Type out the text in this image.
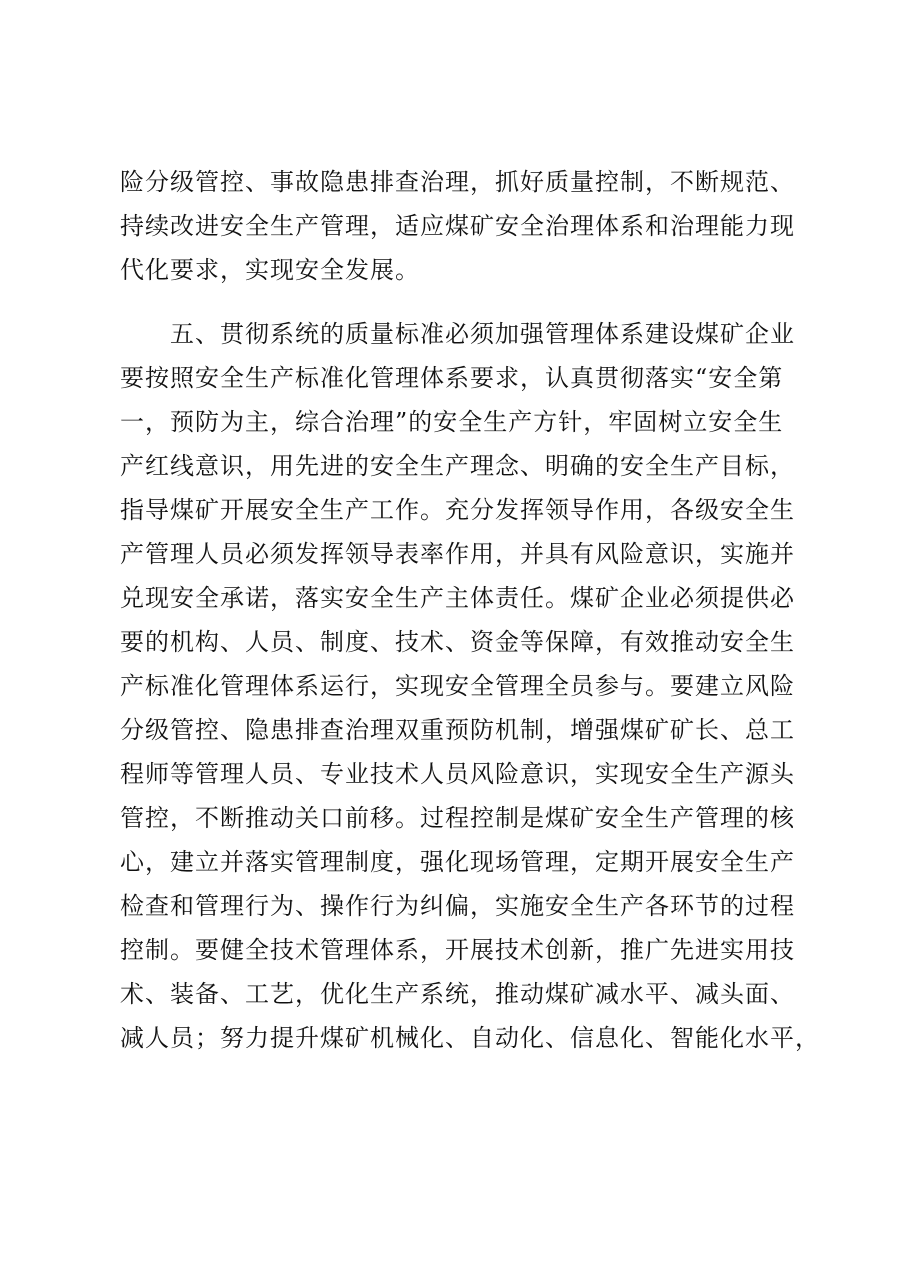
险分级管控、事故隐患排查治理，抓好质量控制，不断规范、
持续改进安全生产管理，适应煤矿安全治理体系和治理能力现
代化要求，实现安全发展。
　　五、贯彻系统的质量标准必须加强管理体系建设煤矿企业
要按照安全生产标准化管理体系要求，认真贯彻落实“安全第
一，预防为主，综合治理”的安全生产方针，牢固树立安全生
产红线意识，用先进的安全生产理念、明确的安全生产目标，
指导煤矿开展安全生产工作。充分发挥领导作用，各级安全生
产管理人员必须发挥领导表率作用，并具有风险意识，实施并
兑现安全承诺，落实安全生产主体责任。煤矿企业必须提供必
要的机构、人员、制度、技术、资金等保障，有效推动安全生
产标准化管理体系运行，实现安全管理全员参与。要建立风险
分级管控、隐患排查治理双重预防机制，增强煤矿矿长、总工
程师等管理人员、专业技术人员风险意识，实现安全生产源头
管控，不断推动关口前移。过程控制是煤矿安全生产管理的核
心，建立并落实管理制度，强化现场管理，定期开展安全生产
检查和管理行为、操作行为纠偏，实施安全生产各环节的过程
控制。要健全技术管理体系，开展技术创新，推广先进实用技
术、装备、工艺，优化生产系统，推动煤矿减水平、减头面、
减人员；努力提升煤矿机械化、自动化、信息化、智能化水平，
